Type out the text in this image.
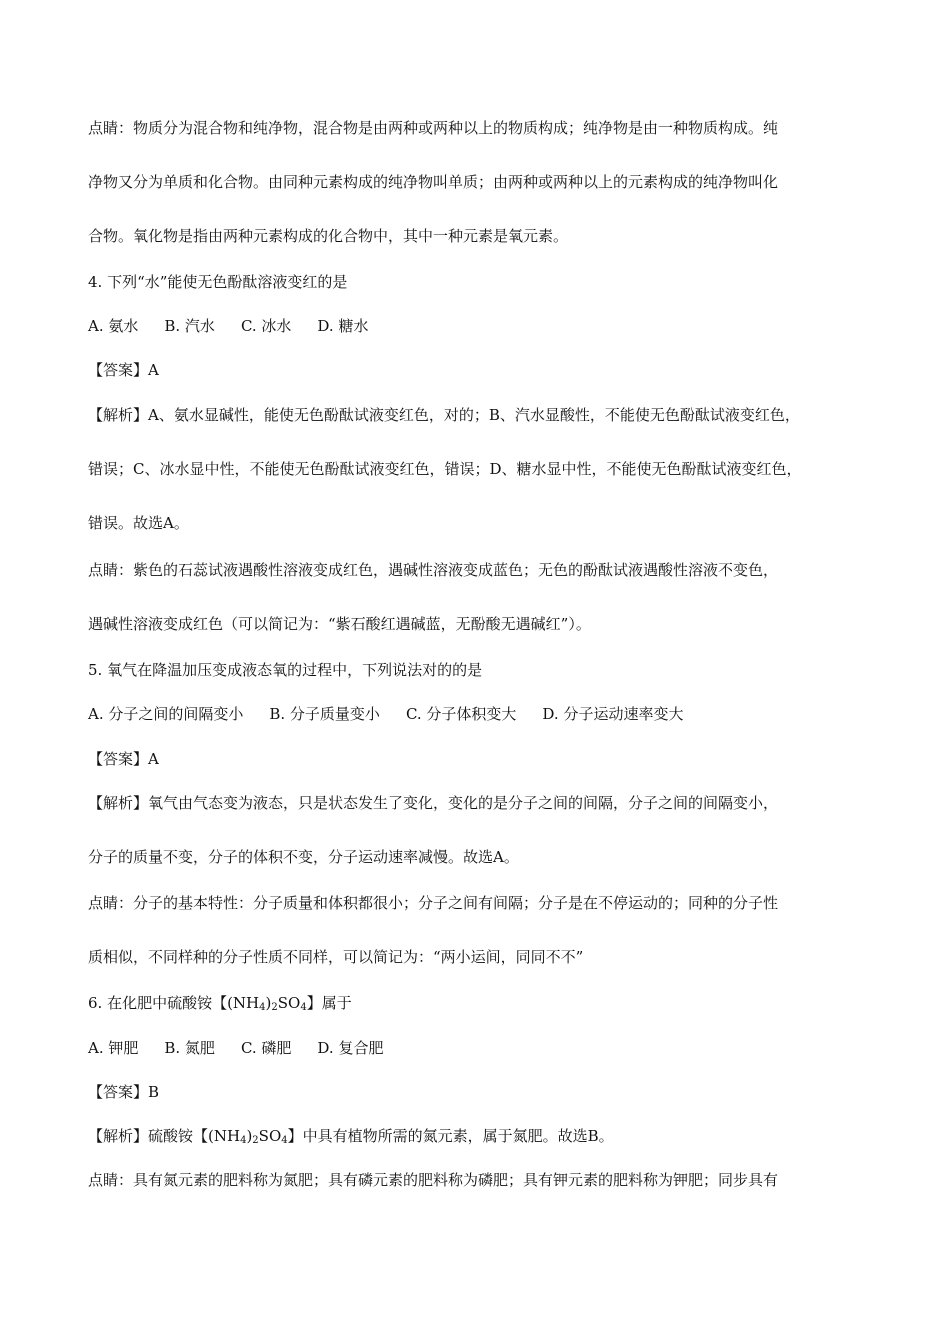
点睛：物质分为混合物和纯净物，混合物是由两种或两种以上的物质构成；纯净物是由一种物质构成。纯
净物又分为单质和化合物。由同种元素构成的纯净物叫单质；由两种或两种以上的元素构成的纯净物叫化
合物。氧化物是指由两种元素构成的化合物中，其中一种元素是氧元素。
4. 下列“水”能使无色酚酞溶液变红的是
A. 氨水 B. 汽水 C. 冰水 D. 糖水
【答案】A
【解析】A、氨水显碱性，能使无色酚酞试液变红色，对的；B、汽水显酸性，不能使无色酚酞试液变红色，
错误；C、冰水显中性，不能使无色酚酞试液变红色，错误；D、糖水显中性，不能使无色酚酞试液变红色，
错误。故选A。
点睛：紫色的石蕊试液遇酸性溶液变成红色，遇碱性溶液变成蓝色；无色的酚酞试液遇酸性溶液不变色，
遇碱性溶液变成红色（可以简记为：“紫石酸红遇碱蓝，无酚酸无遇碱红”）。
5. 氧气在降温加压变成液态氧的过程中，下列说法对的的是
A. 分子之间的间隔变小 B. 分子质量变小 C. 分子体积变大 D. 分子运动速率变大
【答案】A
【解析】氧气由气态变为液态，只是状态发生了变化，变化的是分子之间的间隔，分子之间的间隔变小，
分子的质量不变，分子的体积不变，分子运动速率减慢。故选A。
点睛：分子的基本特性：分子质量和体积都很小；分子之间有间隔；分子是在不停运动的；同种的分子性
质相似，不同样种的分子性质不同样，可以简记为：“两小运间，同同不不”
6. 在化肥中硫酸铵【$(NH_4)_2SO_4$】属于
A. 钾肥 B. 氮肥 C. 磷肥 D. 复合肥
【答案】B
【解析】硫酸铵【$(NH_4)_2SO_4$】中具有植物所需的氮元素，属于氮肥。故选B。
点睛：具有氮元素的肥料称为氮肥；具有磷元素的肥料称为磷肥；具有钾元素的肥料称为钾肥；同步具有
